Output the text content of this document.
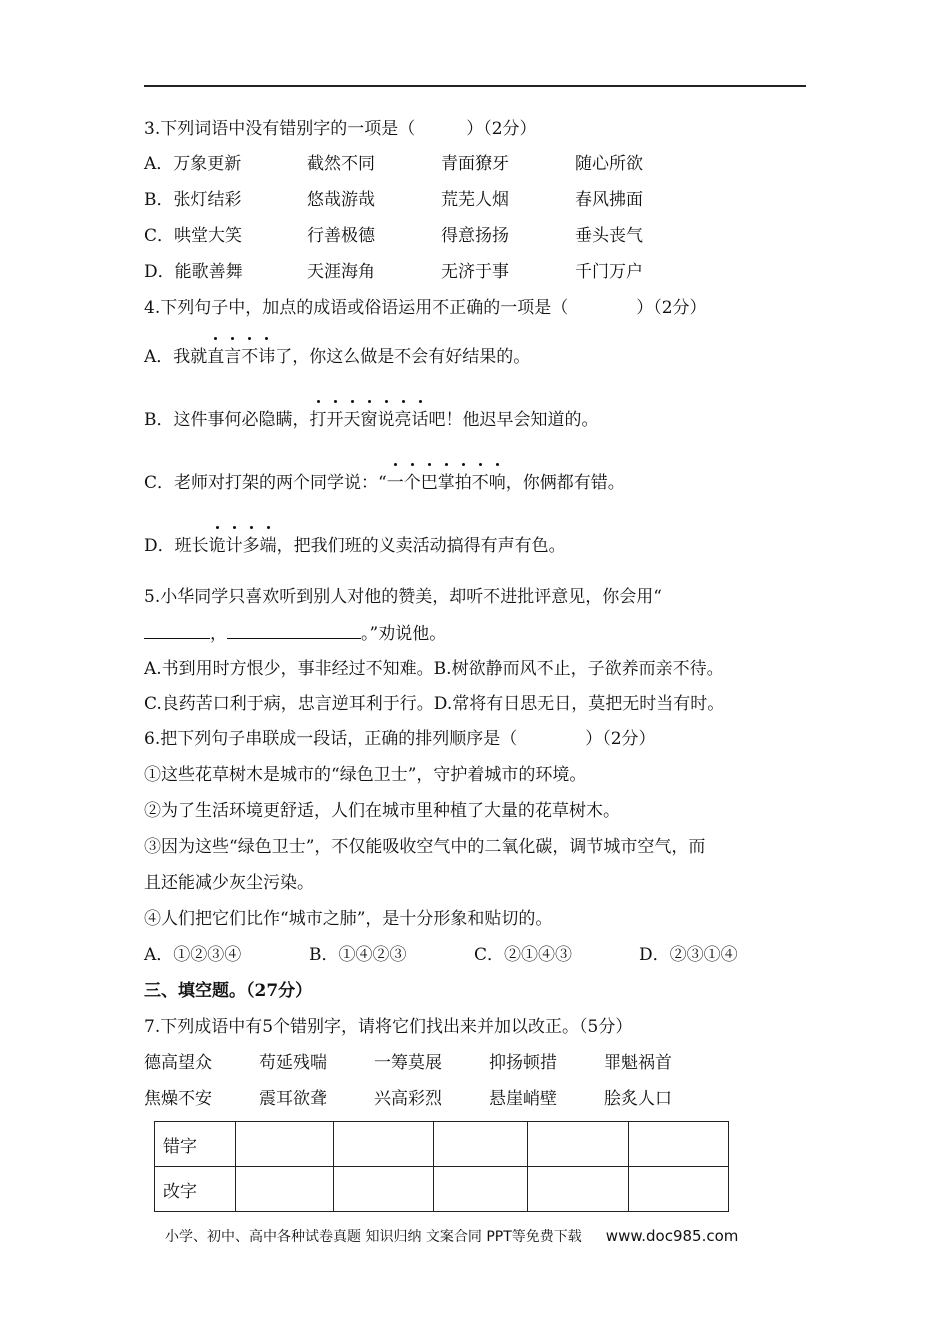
3.下列词语中没有错别字的一项是（　　　）（2分）
A．万象更新	截然不同	青面獠牙	随心所欲
B．张灯结彩	悠哉游哉	荒芜人烟	春风拂面
C．哄堂大笑	行善极德	得意扬扬	垂头丧气
D．能歌善舞	天涯海角	无济于事	千门万户
4.下列句子中，加点的成语或俗语运用不正确的一项是（　　　　）（2分）
A．我就
直言不讳了，你这么做是不会有好结果的。
B．这件事何必隐瞒，
打开天窗说亮话吧！他迟早会知道的。
C．老师对打架的两个同学说：“
一个巴掌拍不响，你俩都有错。
D．班长
诡计多端，把我们班的义卖活动搞得有声有色。
5.小华同学只喜欢听到别人对他的赞美，却听不进批评意见，你会用“
，	。”劝说他。
A.书到用时方恨少，事非经过不知难。B.树欲静而风不止，子欲养而亲不待。
C.良药苦口利于病，忠言逆耳利于行。D.常将有日思无日，莫把无时当有时。
6.把下列句子串联成一段话，正确的排列顺序是（　　　　）（2分）
①这些花草树木是城市的“绿色卫士”，守护着城市的环境。
②为了生活环境更舒适，人们在城市里种植了大量的花草树木。
③因为这些“绿色卫士”，不仅能吸收空气中的二氧化碳，调节城市空气，而
且还能减少灰尘污染。
④人们把它们比作“城市之肺”，是十分形象和贴切的。
A．①②③④	B．①④②③	C．②①④③	D．②③①④
三、填空题。（27分）
7.下列成语中有5个错别字，请将它们找出来并加以改正。（5分）
德高望众	苟延残喘	一筹莫展	抑扬顿措	罪魁祸首
焦燥不安	震耳欲聋	兴高彩烈	悬崖峭壁	脍炙人口
错字					
改字					
小学、初中、高中各种试卷真题 知识归纳 文案合同 PPT等免费下载 www.doc985.com
